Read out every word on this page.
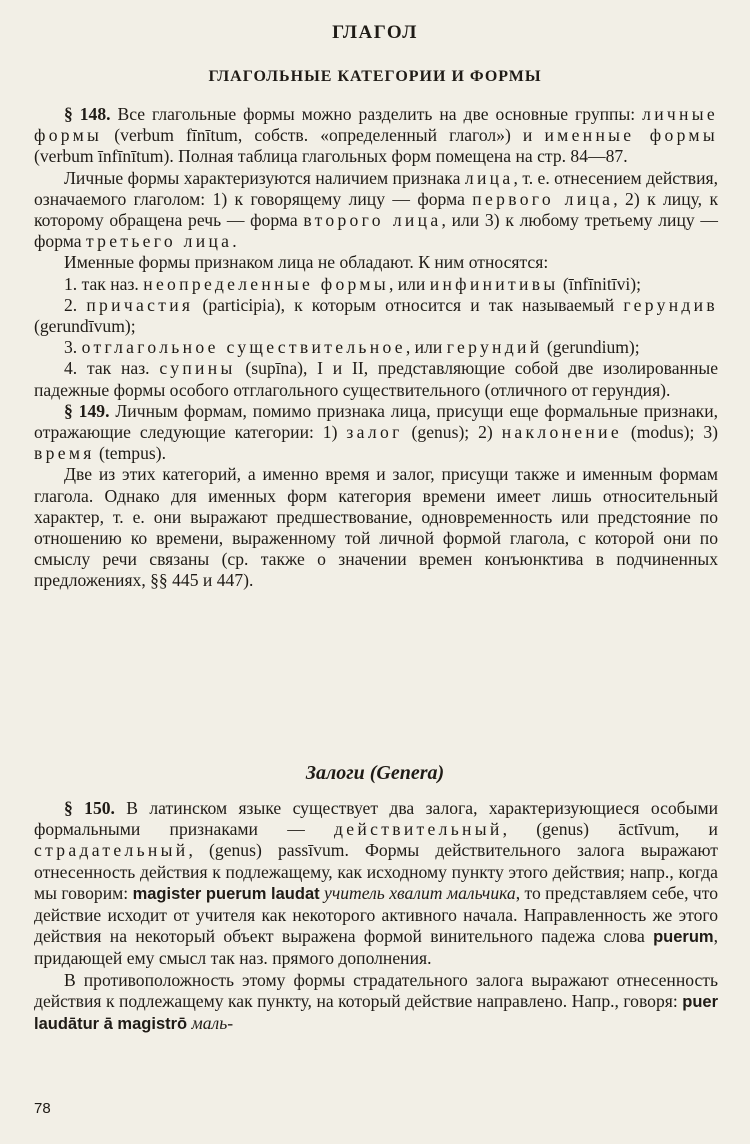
ГЛАГОЛ
ГЛАГОЛЬНЫЕ КАТЕГОРИИ И ФОРМЫ

§ 148. Все глагольные формы можно разделить на две основные группы: личные формы (verbum fīnītum, собств. «определенный глагол») и именные формы (verbum īnfīnītum). Полная таблица глагольных форм помещена на стр. 84—87.

Личные формы характеризуются наличием признака лица, т. е. отнесением действия, означаемого глаголом: 1) к говорящему лицу — форма первого лица, 2) к лицу, к которому обращена речь — форма второго лица, или 3) к любому третьему лицу — форма третьего лица.

Именные формы признаком лица не обладают. К ним относятся:

1. так наз. неопределенные формы, или инфинитивы (īnfīnitīvi);

2. причастия (participia), к которым относится и так называемый герундив (gerundīvum);

3. отглагольное существительное, или герундий (gerundium);

4. так наз. супины (supīna), I и II, представляющие собой две изолированные падежные формы особого отглагольного существительного (отличного от герундия).

§ 149. Личным формам, помимо признака лица, присущи еще формальные признаки, отражающие следующие категории: 1) залог (genus); 2) наклонение (modus); 3) время (tempus).

Две из этих категорий, а именно время и залог, присущи также и именным формам глагола. Однако для именных форм категория времени имеет лишь относительный характер, т. е. они выражают предшествование, одновременность или предстояние по отношению ко времени, выраженному той личной формой глагола, с которой они по смыслу речи связаны (ср. также о значении времен конъюнктива в подчиненных предложениях, §§ 445 и 447).

Залоги (Genera)

§ 150. В латинском языке существует два залога, характеризующиеся особыми формальными признаками — действительный, (genus) āctīvum, и страдательный, (genus) passīvum. Формы действительного залога выражают отнесенность действия к подлежащему, как исходному пункту этого действия; напр., когда мы говорим: magister puerum laudat учитель хвалит мальчика, то представляем себе, что действие исходит от учителя как некоторого активного начала. Направленность же этого действия на некоторый объект выражена формой винительного падежа слова puerum, придающей ему смысл так наз. прямого дополнения.

В противоположность этому формы страдательного залога выражают отнесенность действия к подлежащему как пункту, на который действие направлено. Напр., говоря: puer laudātur ā magistrō маль-

78
